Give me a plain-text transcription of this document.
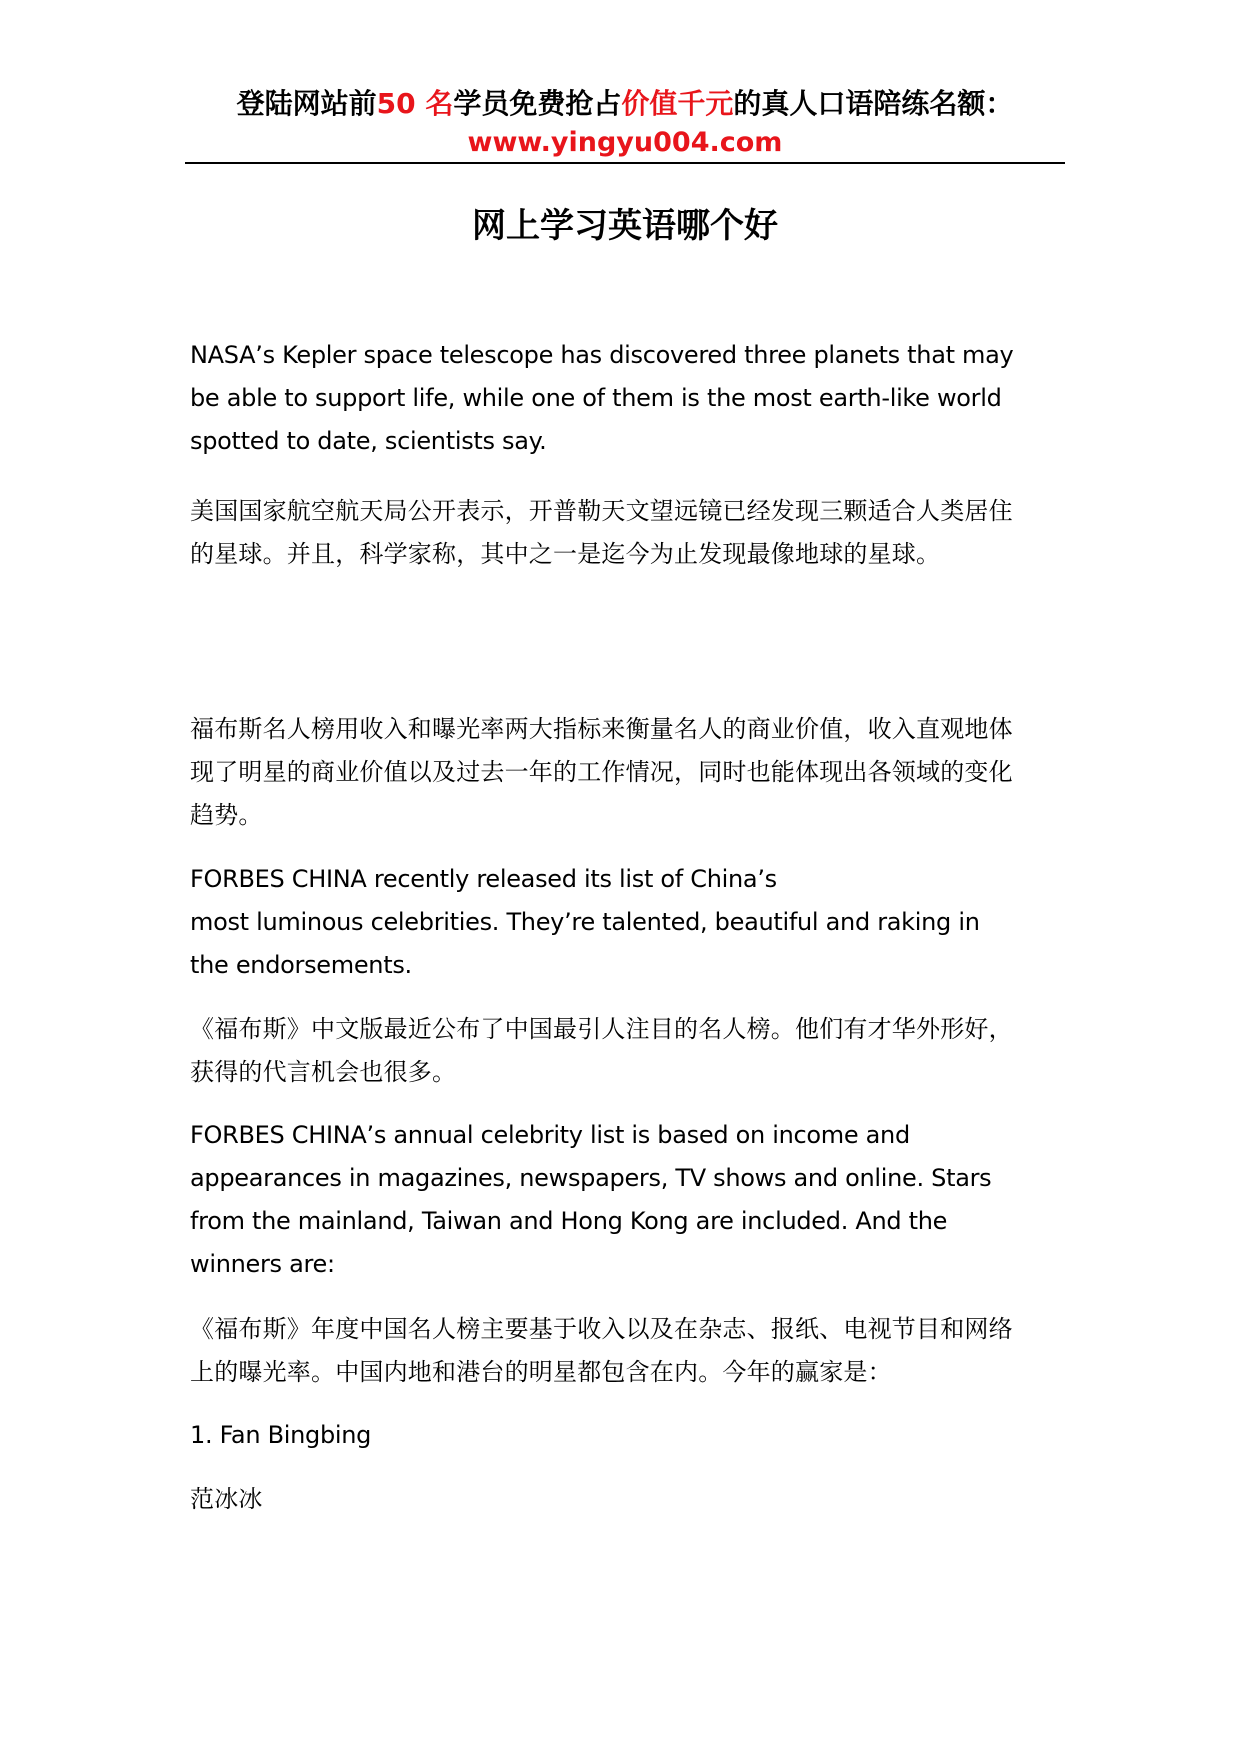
登陆网站前50 名学员免费抢占价值千元的真人口语陪练名额：
www.yingyu004.com
网上学习英语哪个好

NASA’s Kepler space telescope has discovered three planets that may
be able to support life, while one of them is the most earth-like world
spotted to date, scientists say.

美国国家航空航天局公开表示，开普勒天文望远镜已经发现三颗适合人类居住
的星球。并且，科学家称，其中之一是迄今为止发现最像地球的星球。

福布斯名人榜用收入和曝光率两大指标来衡量名人的商业价值，收入直观地体
现了明星的商业价值以及过去一年的工作情况，同时也能体现出各领域的变化
趋势。

FORBES CHINA recently released its list of China’s
most luminous celebrities. They’re talented, beautiful and raking in
the endorsements.

《福布斯》中文版最近公布了中国最引人注目的名人榜。他们有才华外形好，
获得的代言机会也很多。

FORBES CHINA’s annual celebrity list is based on income and
appearances in magazines, newspapers, TV shows and online. Stars
from the mainland, Taiwan and Hong Kong are included. And the
winners are:

《福布斯》年度中国名人榜主要基于收入以及在杂志、报纸、电视节目和网络
上的曝光率。中国内地和港台的明星都包含在内。今年的赢家是：

1. Fan Bingbing

范冰冰
